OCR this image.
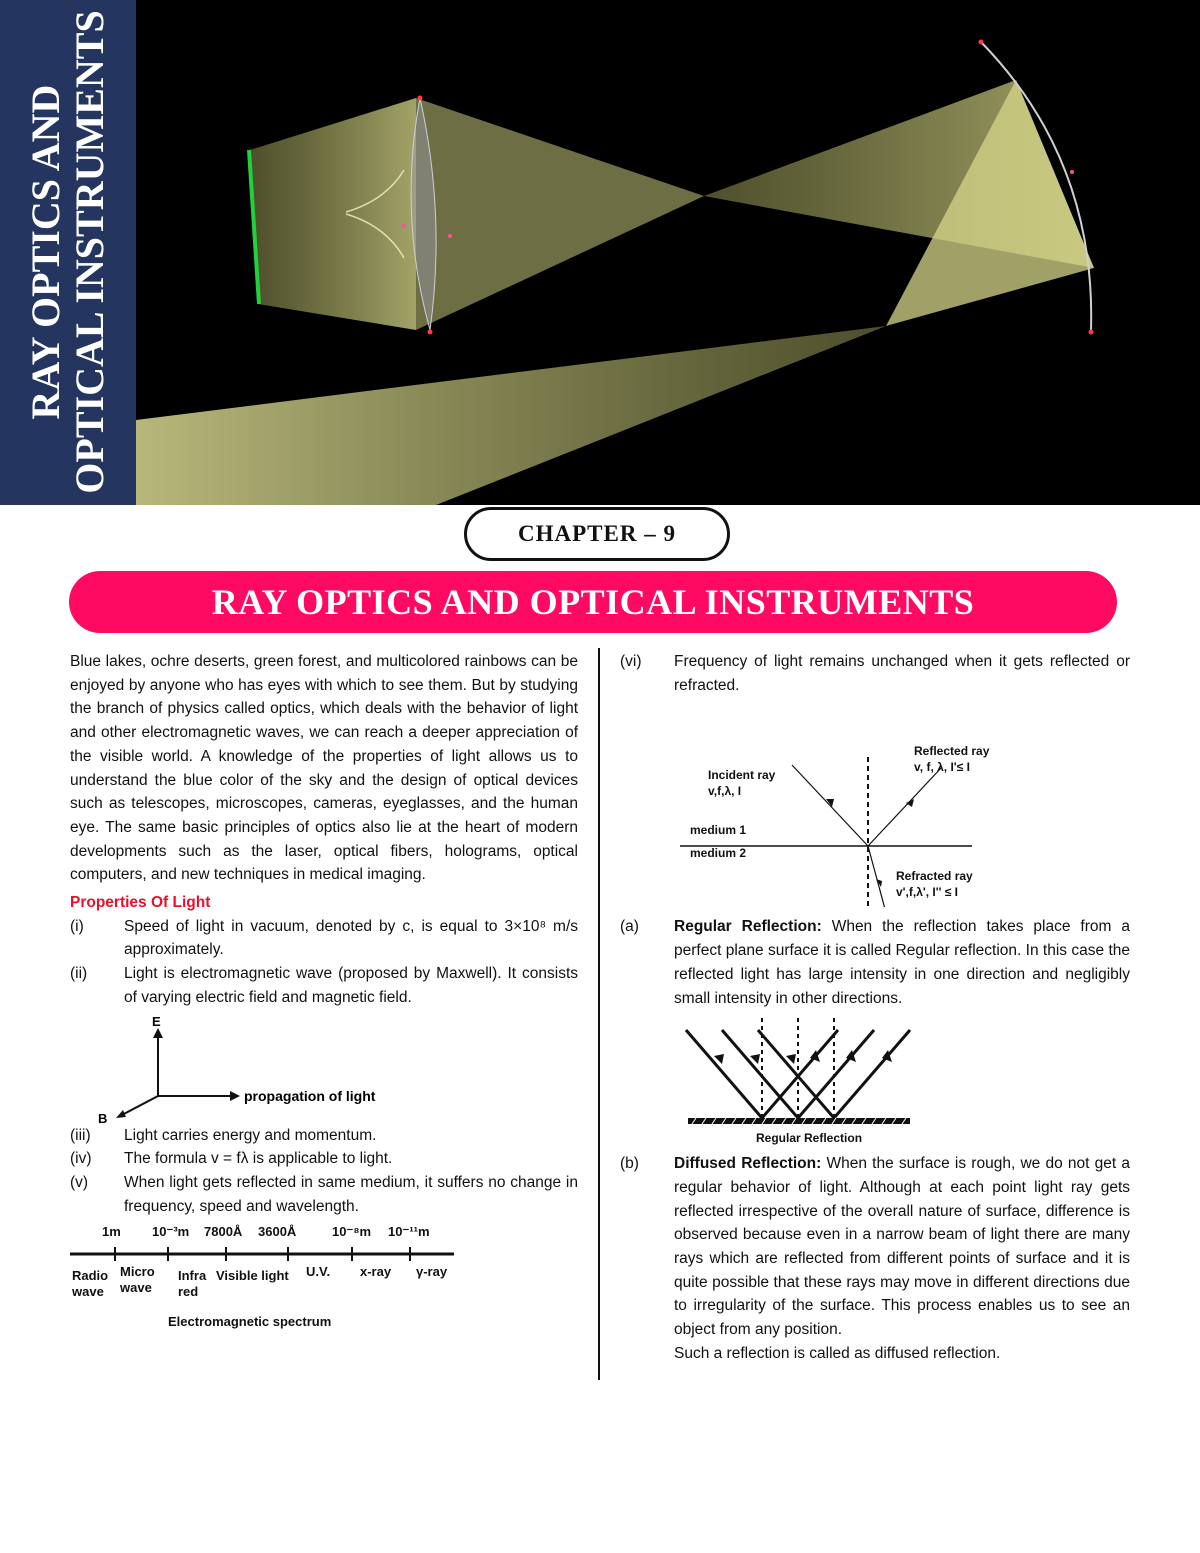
RAY OPTICS AND OPTICAL INSTRUMENTS
CHAPTER – 9
RAY OPTICS AND OPTICAL INSTRUMENTS

Blue lakes, ochre deserts, green forest, and multicolored rainbows can be enjoyed by anyone who has eyes with which to see them. But by studying the branch of physics called optics, which deals with the behavior of light and other electromagnetic waves, we can reach a deeper appreciation of the visible world. A knowledge of the properties of light allows us to understand the blue color of the sky and the design of optical devices such as telescopes, microscopes, cameras, eyeglasses, and the human eye. The same basic principles of optics also lie at the heart of modern developments such as the laser, optical fibers, holograms, optical computers, and new techniques in medical imaging.

Properties Of Light
(i)	Speed of light in vacuum, denoted by c, is equal to 3×10⁸ m/s approximately.
(ii)	Light is electromagnetic wave (proposed by Maxwell). It consists of varying electric field and magnetic field.
E
B
propagation of light
(iii)	Light carries energy and momentum.
(iv)	The formula v = fλ is applicable to light.
(v)	When light gets reflected in same medium, it suffers no change in frequency, speed and wavelength.
1m 10⁻³m 7800Å 3600Å	10⁻⁸m 10⁻¹¹m
Radio
wave
Micro
wave
Infra
red
Visible light U.V. x-ray γ-ray
Electromagnetic spectrum
(vi)	Frequency of light remains unchanged when it gets reflected or refracted.
Incident ray
v,f,λ, I
Reflected ray
v, f, λ, I'≤ I
medium 1
medium 2
Refracted ray
v',f,λ', I'' ≤ I
(a)	Regular Reflection: When the reflection takes place from a perfect plane surface it is called Regular reflection. In this case the reflected light has large intensity in one direction and negligibly small intensity in other directions.
Regular Reflection
(b)	Diffused Reflection: When the surface is rough, we do not get a regular behavior of light. Although at each point light ray gets reflected irrespective of the overall nature of surface, difference is observed because even in a narrow beam of light there are many rays which are reflected from different points of surface and it is quite possible that these rays may move in different directions due to irregularity of the surface. This process enables us to see an object from any position.
Such a reflection is called as diffused reflection.
